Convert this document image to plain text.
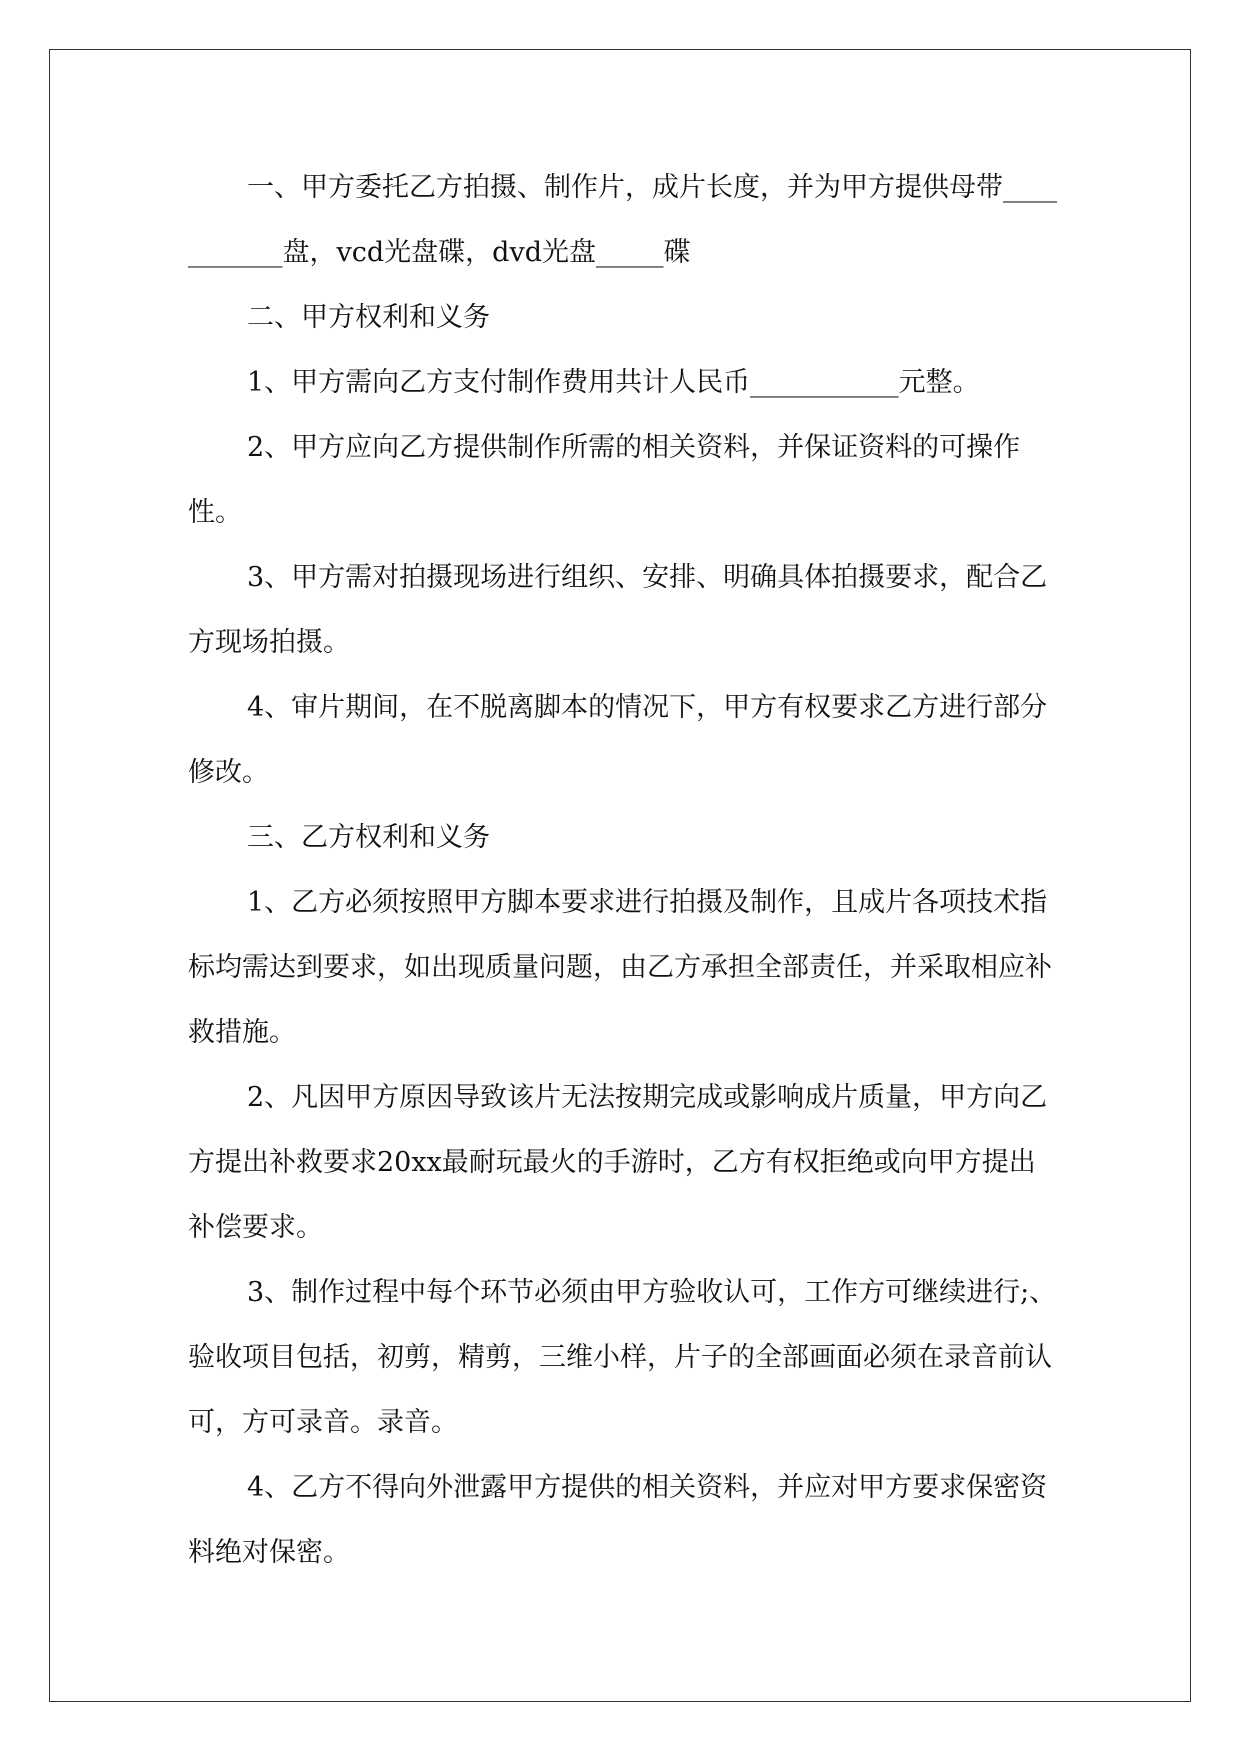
一、甲方委托乙方拍摄、制作片，成片长度，并为甲方提供母带___________盘，vcd光盘碟，dvd光盘_____碟

二、甲方权利和义务

1、甲方需向乙方支付制作费用共计人民币___________元整。

2、甲方应向乙方提供制作所需的相关资料，并保证资料的可操作性。

3、甲方需对拍摄现场进行组织、安排、明确具体拍摄要求，配合乙方现场拍摄。

4、审片期间，在不脱离脚本的情况下，甲方有权要求乙方进行部分修改。

三、乙方权利和义务

1、乙方必须按照甲方脚本要求进行拍摄及制作，且成片各项技术指标均需达到要求，如出现质量问题，由乙方承担全部责任，并采取相应补救措施。

2、凡因甲方原因导致该片无法按期完成或影响成片质量，甲方向乙方提出补救要求20xx最耐玩最火的手游时，乙方有权拒绝或向甲方提出补偿要求。

3、制作过程中每个环节必须由甲方验收认可，工作方可继续进行;、验收项目包括，初剪，精剪，三维小样，片子的全部画面必须在录音前认可，方可录音。录音。

4、乙方不得向外泄露甲方提供的相关资料，并应对甲方要求保密资料绝对保密。
